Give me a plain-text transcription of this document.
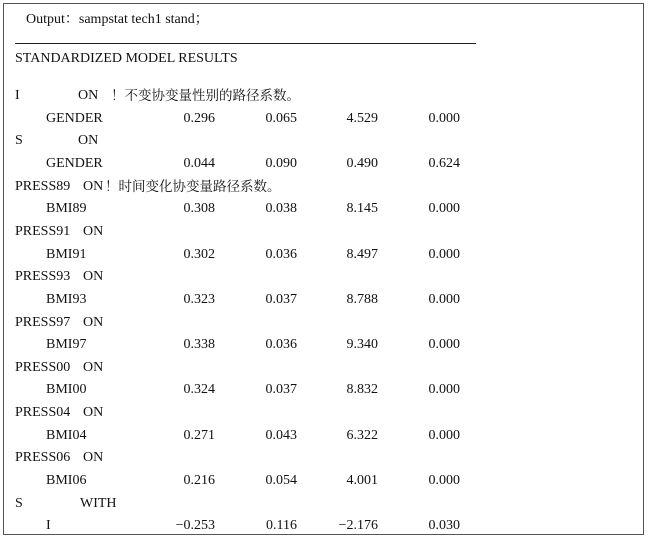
Output：sampstat tech1 stand；
STANDARDIZED MODEL RESULTS
I	ON ！不变协变量性别的路径系数。
GENDER	0.296	0.065	4.529	0.000
S	ON
GENDER	0.044	0.090	0.490	0.624
PRESS89 ON ！时间变化协变量路径系数。
BMI89	0.308	0.038	8.145	0.000
PRESS91 ON
BMI91	0.302	0.036	8.497	0.000
PRESS93 ON
BMI93	0.323	0.037	8.788	0.000
PRESS97 ON
BMI97	0.338	0.036	9.340	0.000
PRESS00 ON
BMI00	0.324	0.037	8.832	0.000
PRESS04 ON
BMI04	0.271	0.043	6.322	0.000
PRESS06 ON
BMI06	0.216	0.054	4.001	0.000
S	WITH
I	−0.253	0.116	−2.176	0.030
